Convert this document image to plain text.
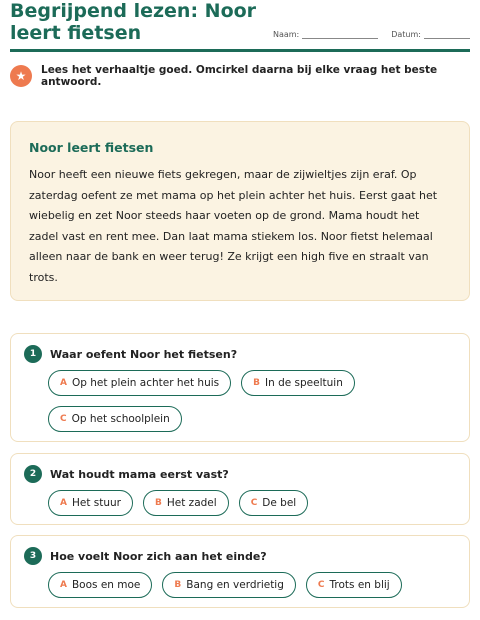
Begrijpend lezen: Noor leert fietsen	Naam:	Datum:
★	Lees het verhaaltje goed. Omcirkel daarna bij elke vraag het beste antwoord.
Noor leert fietsen

Noor heeft een nieuwe fiets gekregen, maar de zijwieltjes zijn eraf. Op zaterdag oefent ze met mama op het plein achter het huis. Eerst gaat het wiebelig en zet Noor steeds haar voeten op de grond. Mama houdt het zadel vast en rent mee. Dan laat mama stiekem los. Noor fietst helemaal alleen naar de bank en weer terug! Ze krijgt een high five en straalt van trots.

1	Waar oefent Noor het fietsen?
A Op het plein achter het huis	B In de speeltuin
C Op het schoolplein
2	Wat houdt mama eerst vast?
A Het stuur	B Het zadel	C De bel
3	Hoe voelt Noor zich aan het einde?
A Boos en moe	B Bang en verdrietig	C Trots en blij
